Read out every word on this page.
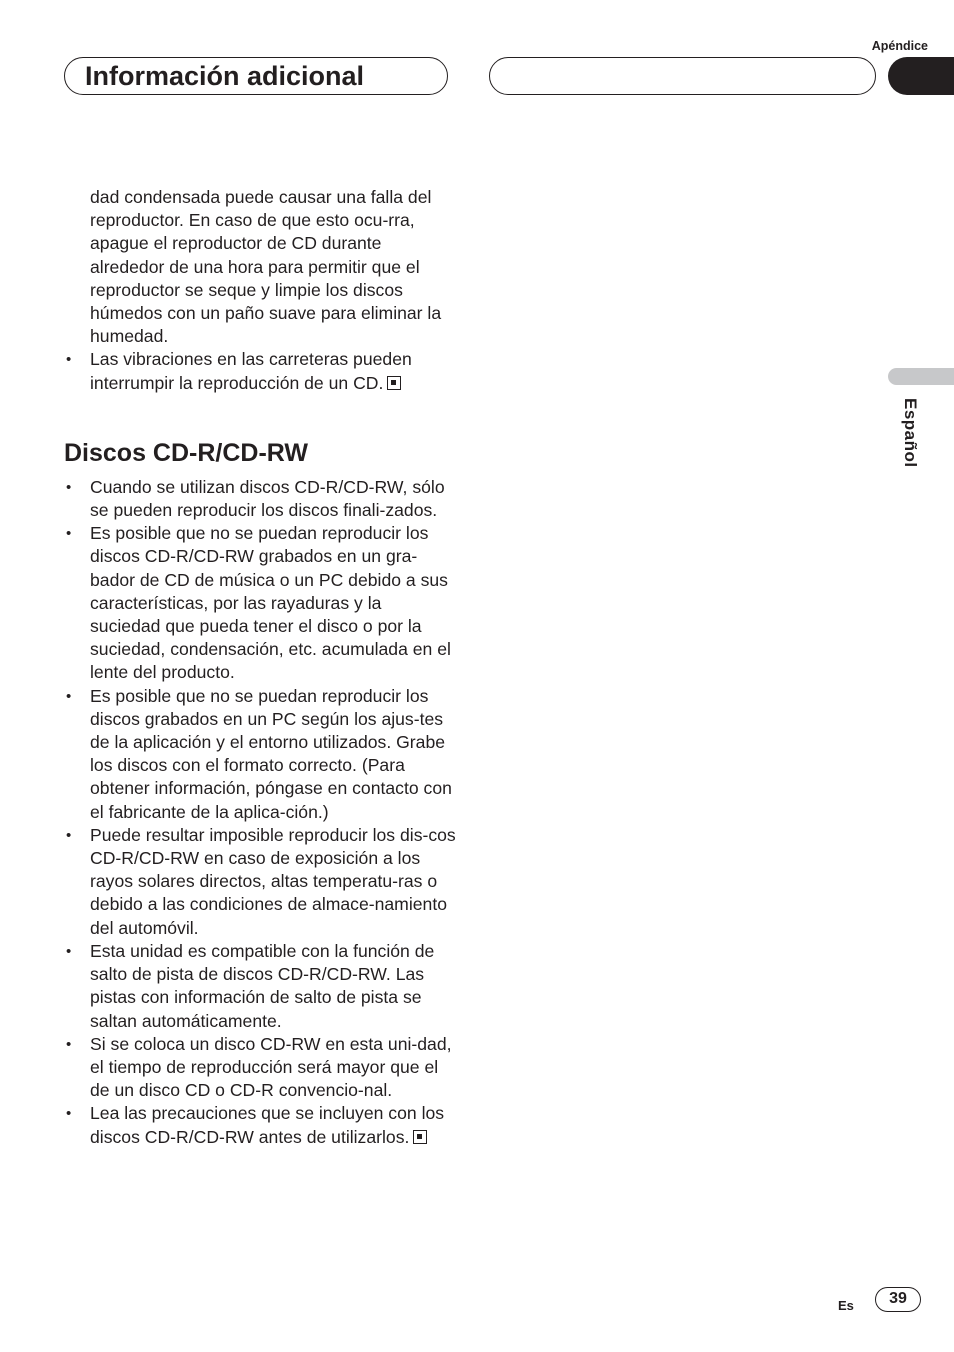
Apéndice
Información adicional
Español

dad condensada puede causar una falla del reproductor. En caso de que esto ocu-rra, apague el reproductor de CD durante alrededor de una hora para permitir que el reproductor se seque y limpie los discos húmedos con un paño suave para eliminar la humedad.

• Las vibraciones en las carreteras pueden interrumpir la reproducción de un CD.
Discos CD-R/CD-RW
• Cuando se utilizan discos CD-R/CD-RW, sólo se pueden reproducir los discos finali-zados.
• Es posible que no se puedan reproducir los discos CD-R/CD-RW grabados en un gra-bador de CD de música o un PC debido a sus características, por las rayaduras y la suciedad que pueda tener el disco o por la suciedad, condensación, etc. acumulada en el lente del producto.
• Es posible que no se puedan reproducir los discos grabados en un PC según los ajus-tes de la aplicación y el entorno utilizados. Grabe los discos con el formato correcto. (Para obtener información, póngase en contacto con el fabricante de la aplica-ción.)
• Puede resultar imposible reproducir los dis-cos CD-R/CD-RW en caso de exposición a los rayos solares directos, altas temperatu-ras o debido a las condiciones de almace-namiento del automóvil.
• Esta unidad es compatible con la función de salto de pista de discos CD-R/CD-RW. Las pistas con información de salto de pista se saltan automáticamente.
• Si se coloca un disco CD-RW en esta uni-dad, el tiempo de reproducción será mayor que el de un disco CD o CD-R convencio-nal.
• Lea las precauciones que se incluyen con los discos CD-R/CD-RW antes de utilizarlos.
Es	39
